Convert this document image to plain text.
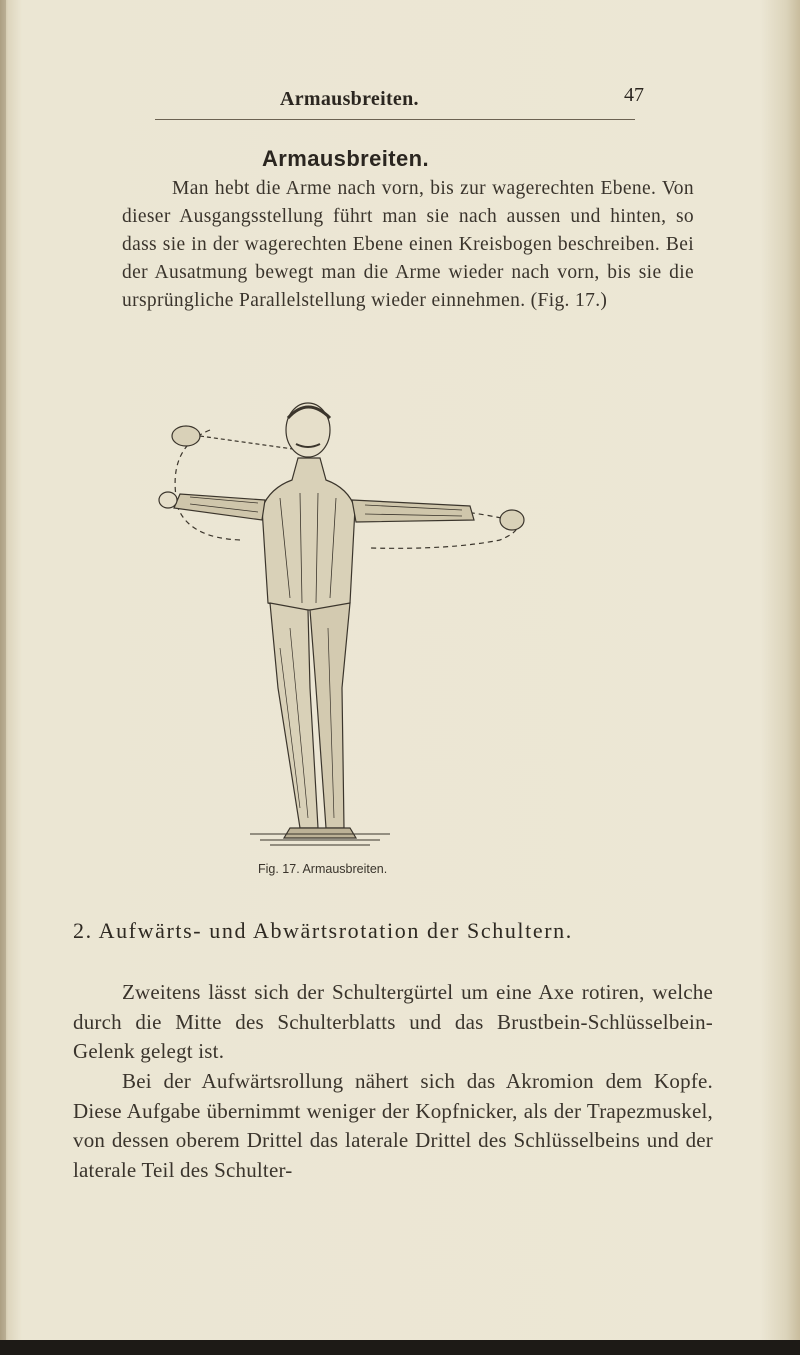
Armausbreiten.	47
Armausbreiten.

Man hebt die Arme nach vorn, bis zur wagerechten Ebene. Von dieser Ausgangsstellung führt man sie nach aussen und hinten, so dass sie in der wagerechten Ebene einen Kreisbogen beschreiben. Bei der Ausatmung bewegt man die Arme wieder nach vorn, bis sie die ursprüngliche Parallelstellung wieder einnehmen. (Fig. 17.)

Fig. 17. Armausbreiten.
2. Aufwärts- und Abwärtsrotation der Schultern.

Zweitens lässt sich der Schultergürtel um eine Axe rotiren, welche durch die Mitte des Schulterblatts und das Brustbein-Schlüsselbein-Gelenk gelegt ist.

Bei der Aufwärtsrollung nähert sich das Akromion dem Kopfe. Diese Aufgabe übernimmt weniger der Kopfnicker, als der Trapezmuskel, von dessen oberem Drittel das laterale Drittel des Schlüsselbeins und der laterale Teil des Schulter-
